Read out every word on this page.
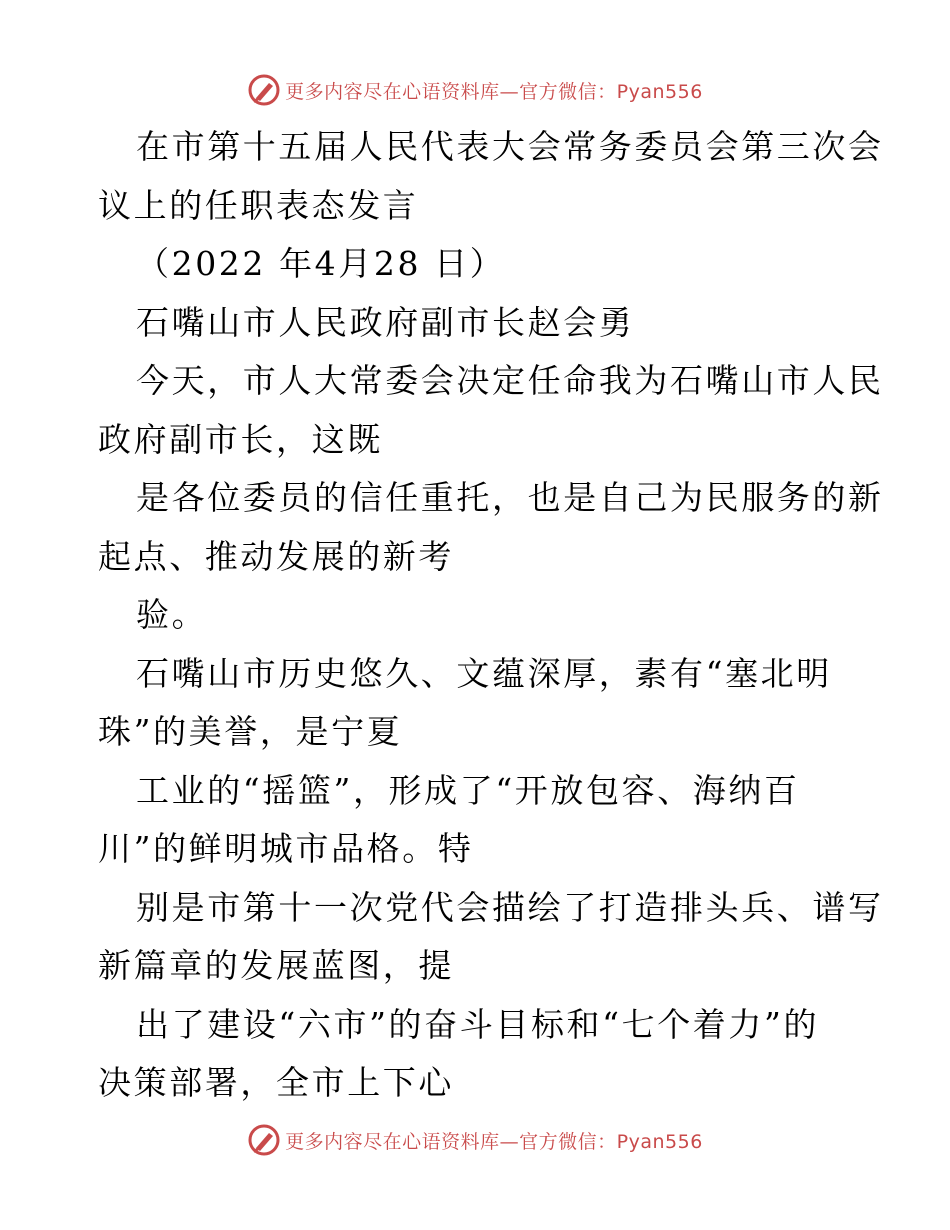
更多内容尽在心语资料库—官方微信：Pyan556
在市第十五届人民代表大会常务委员会第三次会
议上的任职表态发言
（2022 年4月28 日）
石嘴山市人民政府副市长赵会勇
今天，市人大常委会决定任命我为石嘴山市人民
政府副市长，这既
是各位委员的信任重托，也是自己为民服务的新
起点、推动发展的新考
验。
石嘴山市历史悠久、文蕴深厚，素有“塞北明
珠”的美誉，是宁夏
工业的“摇篮”，形成了“开放包容、海纳百
川”的鲜明城市品格。特
别是市第十一次党代会描绘了打造排头兵、谱写
新篇章的发展蓝图，提
出了建设“六市”的奋斗目标和“七个着力”的
决策部署，全市上下心
更多内容尽在心语资料库—官方微信：Pyan556
